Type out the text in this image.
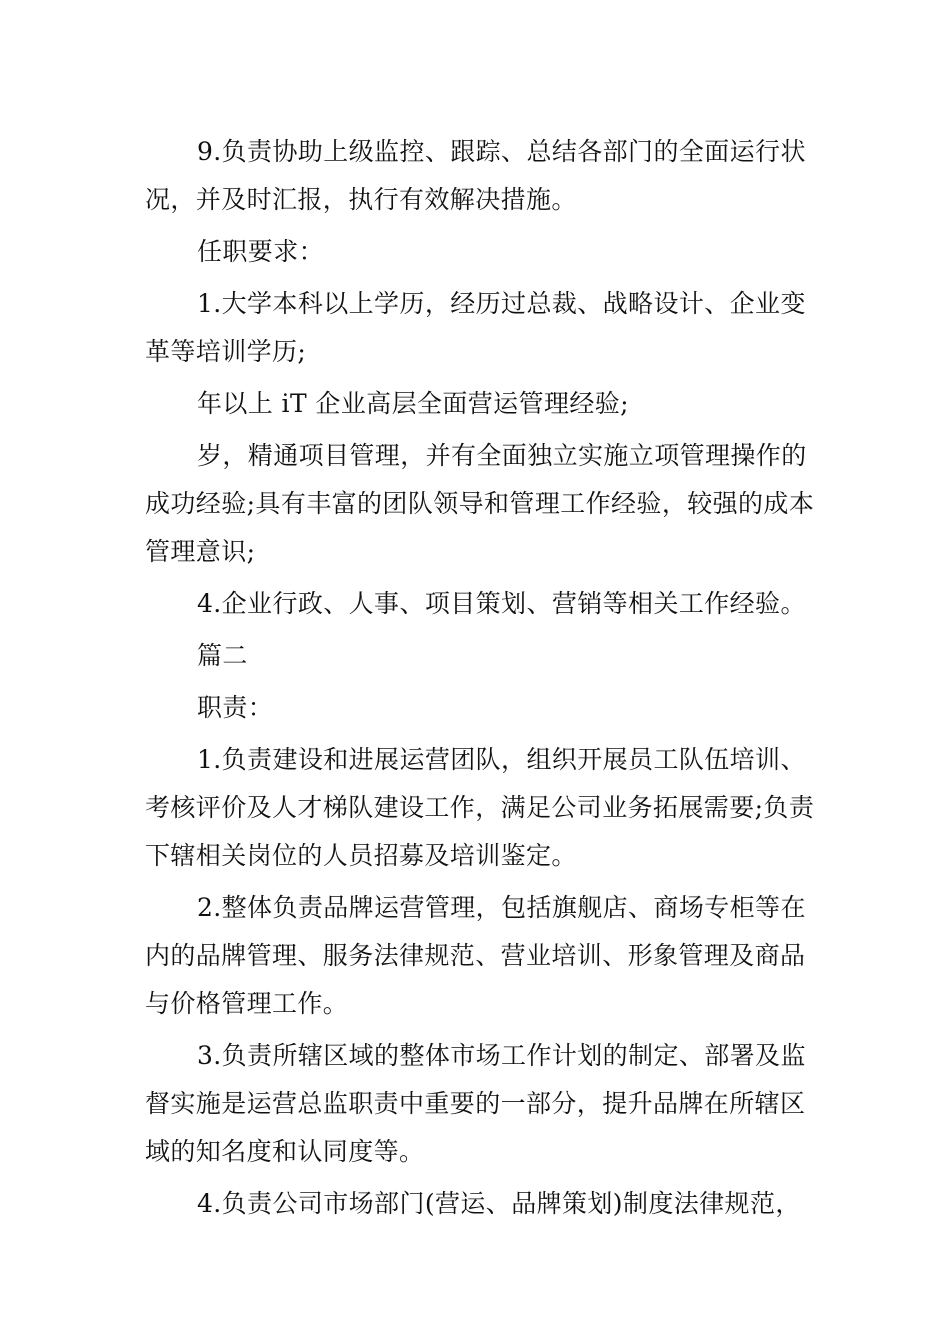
9.负责协助上级监控、跟踪、总结各部门的全面运行状况，并及时汇报，执行有效解决措施。

任职要求：

1.大学本科以上学历，经历过总裁、战略设计、企业变革等培训学历;

年以上 iT 企业高层全面营运管理经验;

岁，精通项目管理，并有全面独立实施立项管理操作的成功经验;具有丰富的团队领导和管理工作经验，较强的成本管理意识;

4.企业行政、人事、项目策划、营销等相关工作经验。

篇二

职责：

1.负责建设和进展运营团队，组织开展员工队伍培训、考核评价及人才梯队建设工作，满足公司业务拓展需要;负责下辖相关岗位的人员招募及培训鉴定。

2.整体负责品牌运营管理，包括旗舰店、商场专柜等在内的品牌管理、服务法律规范、营业培训、形象管理及商品与价格管理工作。

3.负责所辖区域的整体市场工作计划的制定、部署及监督实施是运营总监职责中重要的一部分，提升品牌在所辖区域的知名度和认同度等。

4.负责公司市场部门(营运、品牌策划)制度法律规范，
